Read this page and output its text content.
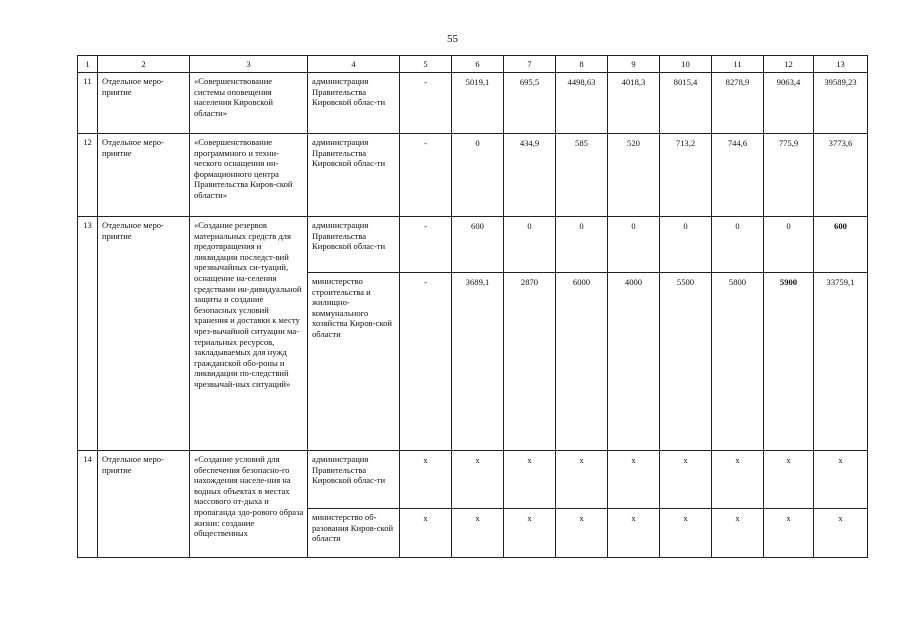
55
1	2	3	4	5	6	7	8	9	10	11	12	13
11	Отдельное меро-приятие	«Совершенствование системы оповещения населения Кировской области»	администрация Правительства Кировской облас-ти	-	5019,1	695,5	4498,63	4018,3	8015,4	8278,9	9063,4	39589,23
12	Отдельное меро-приятие	«Совершенствование программного и техни-ческого оснащения ин-формационного центра Правительства Киров-ской области»	администрация Правительства Кировской облас-ти	-	0	434,9	585	520	713,2	744,6	775,9	3773,6
13	Отдельное меро-приятие	«Создание резервов материальных средств для предотвращения и ликвидации последст-вий чрезвычайных си-туаций, оснащение на-селения средствами ин-дивидуальной защиты и создание безопасных условий хранения и доставки к месту чрез-вычайной ситуации ма-териальных ресурсов, закладываемых для нужд гражданской обо-роны и ликвидации по-следствий чрезвычай-ных ситуаций»	администрация Правительства Кировской облас-ти	-	600	0	0	0	0	0	0	600
			министерство строительства и жилищно-коммунального хозяйства Киров-ской области	-	3689,1	2870	6000	4000	5500	5800	5900	33759,1
14	Отдельное меро-приятие	«Создание условий для обеспечения безопасно-го нахождения населе-ния на водных объектах в местах массового от-дыха и пропаганда здо-рового образа жизни: создание общественных	администрация Правительства Кировской облас-ти	x	x	x	x	x	x	x	x	x
			министерство об-разования Киров-ской области	x	x	x	x	x	x	x	x	x
